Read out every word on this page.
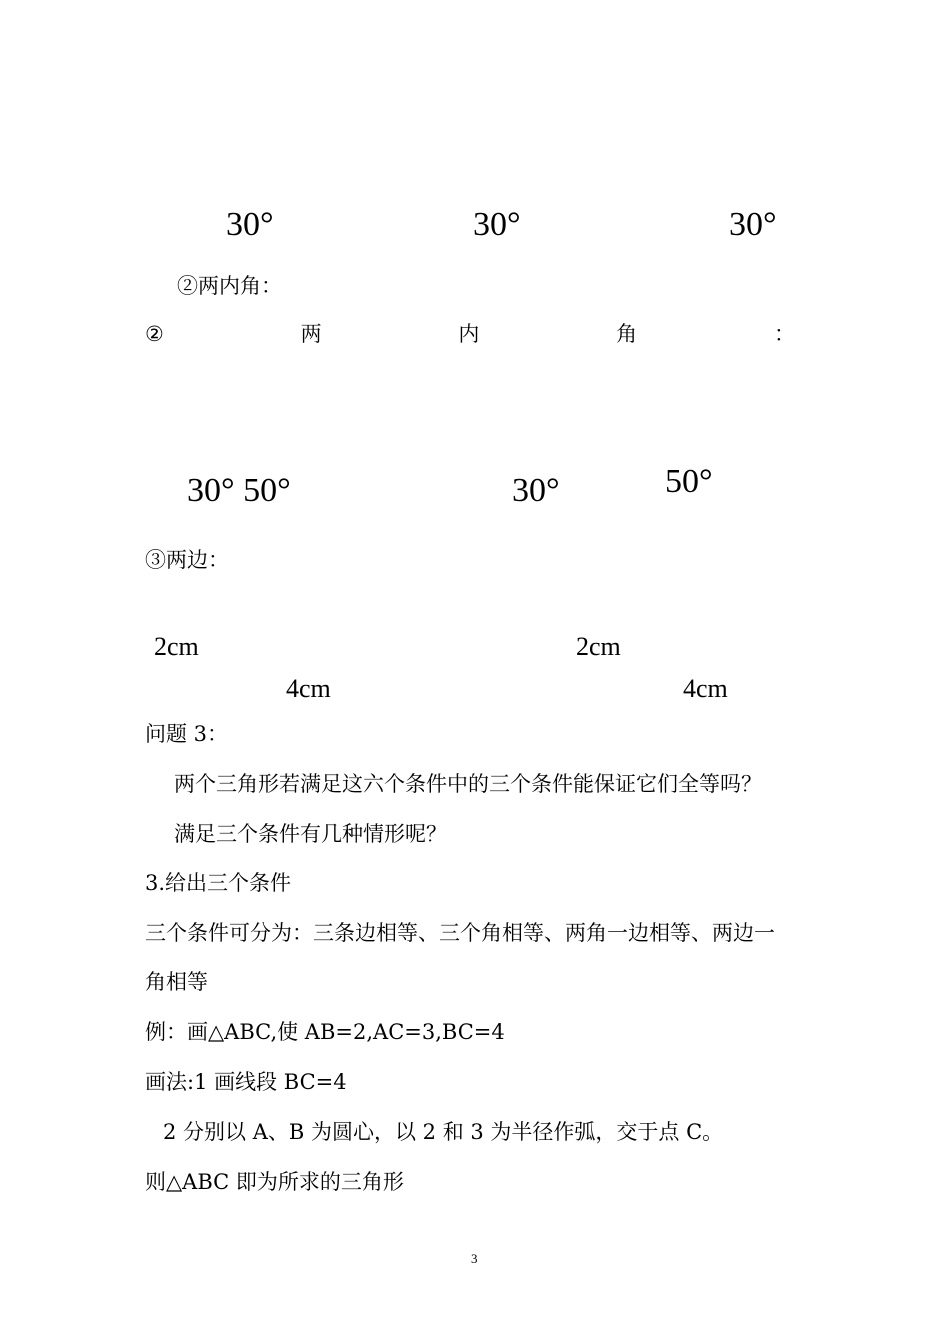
30°	30°	30°
②两内角：
②	两	内	角	：
30° 50°	30°	50°
③两边：
2cm	2cm
4cm	4cm
问题 3：
两个三角形若满足这六个条件中的三个条件能保证它们全等吗？
满足三个条件有几种情形呢？
3.给出三个条件
三个条件可分为：三条边相等、三个角相等、两角一边相等、两边一
角相等
例：画△ABC,使 AB=2,AC=3,BC=4
画法:1 画线段 BC=4
2 分别以 A、B 为圆心，以 2 和 3 为半径作弧，交于点 C。
则△ABC 即为所求的三角形
3
